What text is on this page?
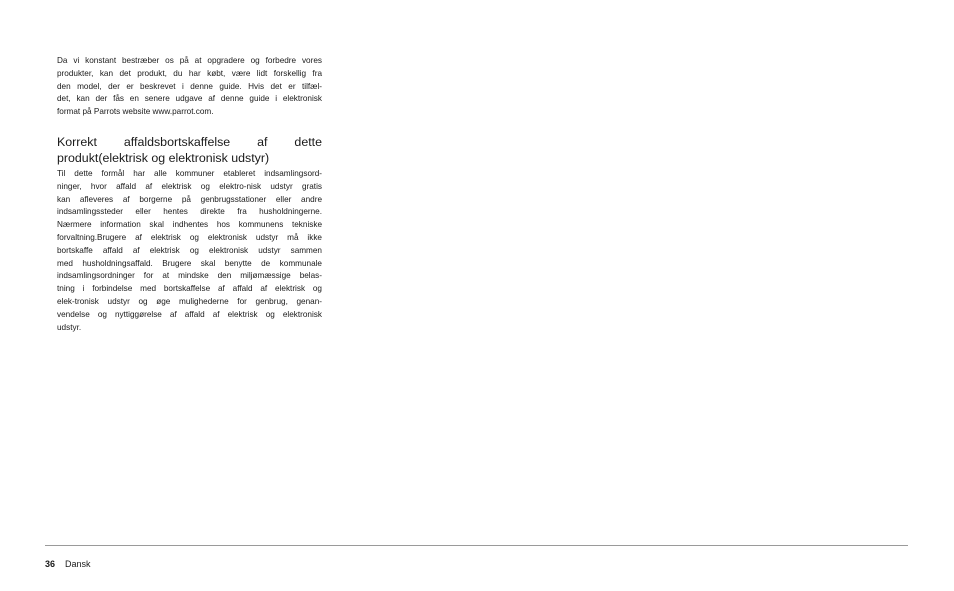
Da vi konstant bestræber os på at opgradere og forbedre vores
produkter, kan det produkt, du har købt, være lidt forskellig fra
den model, der er beskrevet i denne guide. Hvis det er tilfæl-
det, kan der fås en senere udgave af denne guide i elektronisk
format på Parrots website www.parrot.com.
Korrekt affaldsbortskaffelse af dette
produkt(elektrisk og elektronisk udstyr)
Til dette formål har alle kommuner etableret indsamlingsord-
ninger, hvor affald af elektrisk og elektro-nisk udstyr gratis
kan afleveres af borgerne på genbrugsstationer eller andre
indsamlingssteder eller hentes direkte fra husholdningerne.
Nærmere information skal indhentes hos kommunens tekniske
forvaltning.Brugere af elektrisk og elektronisk udstyr må ikke
bortskaffe affald af elektrisk og elektronisk udstyr sammen
med husholdningsaffald. Brugere skal benytte de kommunale
indsamlingsordninger for at mindske den miljømæssige belas-
tning i forbindelse med bortskaffelse af affald af elektrisk og
elek-tronisk udstyr og øge mulighederne for genbrug, genan-
vendelse og nyttiggørelse af affald af elektrisk og elektronisk
udstyr.
36 Dansk
